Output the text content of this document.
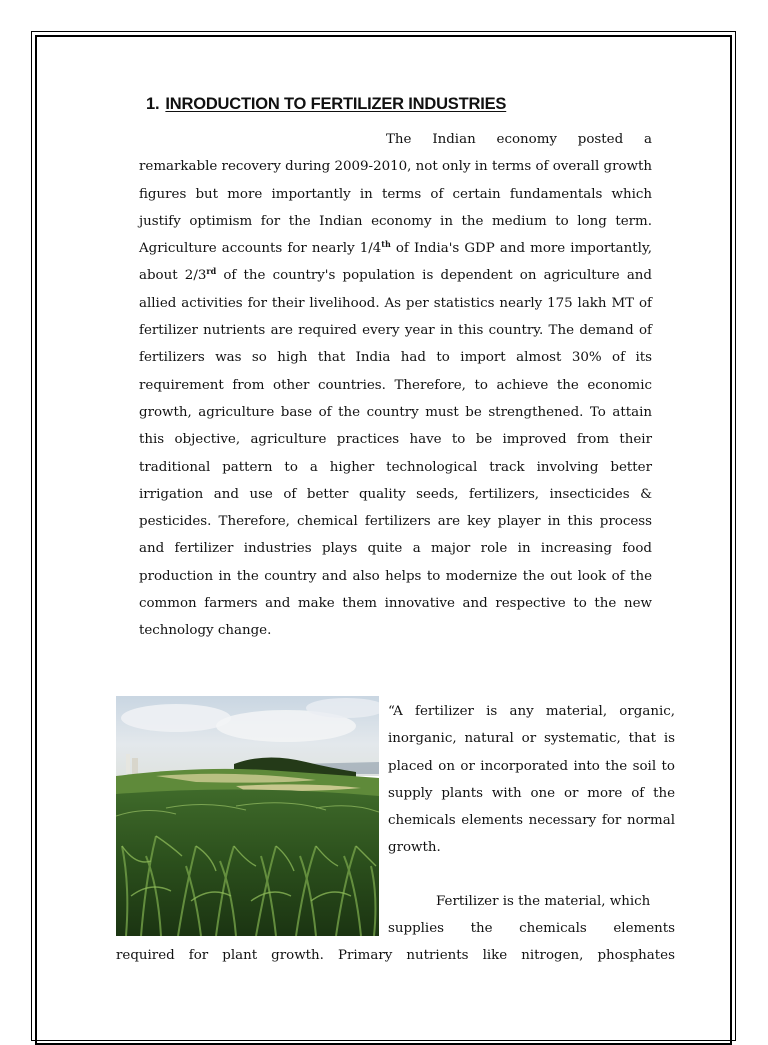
1. INRODUCTION TO FERTILIZER INDUSTRIES

The Indian economy posted a remarkable recovery during 2009-2010, not only in terms of overall growth figures but more importantly in terms of certain fundamentals which justify optimism for the Indian economy in the medium to long term. Agriculture accounts for nearly 1/4th of India's GDP and more importantly, about 2/3rd of the country's population is dependent on agriculture and allied activities for their livelihood. As per statistics nearly 175 lakh MT of fertilizer nutrients are required every year in this country. The demand of fertilizers was so high that India had to import almost 30% of its requirement from other countries. Therefore, to achieve the economic growth, agriculture base of the country must be strengthened. To attain this objective, agriculture practices have to be improved from their traditional pattern to a higher technological track involving better irrigation and use of better quality seeds, fertilizers, insecticides & pesticides. Therefore, chemical fertilizers are key player in this process and fertilizer industries plays quite a major role in increasing food production in the country and also helps to modernize the out look of the common farmers and make them innovative and respective to the new technology change.

“A fertilizer is any material, organic, inorganic, natural or systematic, that is placed on or incorporated into the soil to supply plants with one or more of the chemicals elements necessary for normal growth.

Fertilizer is the material, which

supplies the chemicals elements

required for plant growth. Primary nutrients like nitrogen, phosphates
